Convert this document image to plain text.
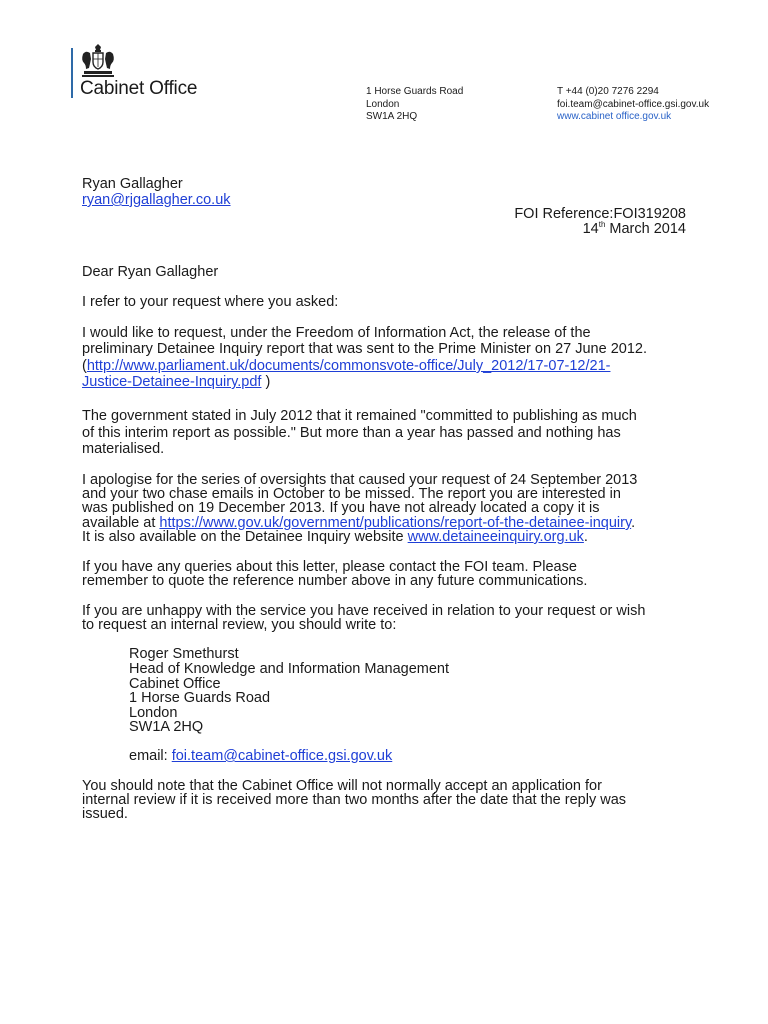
Cabinet Office	1 Horse Guards Road
London
SW1A 2HQ
T +44 (0)20 7276 2294
foi.team@cabinet-office.gsi.gov.uk
www.cabinet office.gov.uk
Ryan Gallagher
ryan@rjgallagher.co.uk
FOI Reference:FOI319208
14th March 2014
Dear Ryan Gallagher
I refer to your request where you asked:
I would like to request, under the Freedom of Information Act, the release of the
preliminary Detainee Inquiry report that was sent to the Prime Minister on 27 June 2012.
(http://www.parliament.uk/documents/commonsvote-office/July_2012/17-07-12/21-
Justice-Detainee-Inquiry.pdf )
The government stated in July 2012 that it remained "committed to publishing as much
of this interim report as possible." But more than a year has passed and nothing has
materialised.
I apologise for the series of oversights that caused your request of 24 September 2013
and your two chase emails in October to be missed. The report you are interested in
was published on 19 December 2013. If you have not already located a copy it is
available at https://www.gov.uk/government/publications/report-of-the-detainee-inquiry.
It is also available on the Detainee Inquiry website www.detaineeinquiry.org.uk.
If you have any queries about this letter, please contact the FOI team. Please
remember to quote the reference number above in any future communications.
If you are unhappy with the service you have received in relation to your request or wish
to request an internal review, you should write to:
Roger Smethurst
Head of Knowledge and Information Management
Cabinet Office
1 Horse Guards Road
London
SW1A 2HQ
email: foi.team@cabinet-office.gsi.gov.uk
You should note that the Cabinet Office will not normally accept an application for
internal review if it is received more than two months after the date that the reply was
issued.
